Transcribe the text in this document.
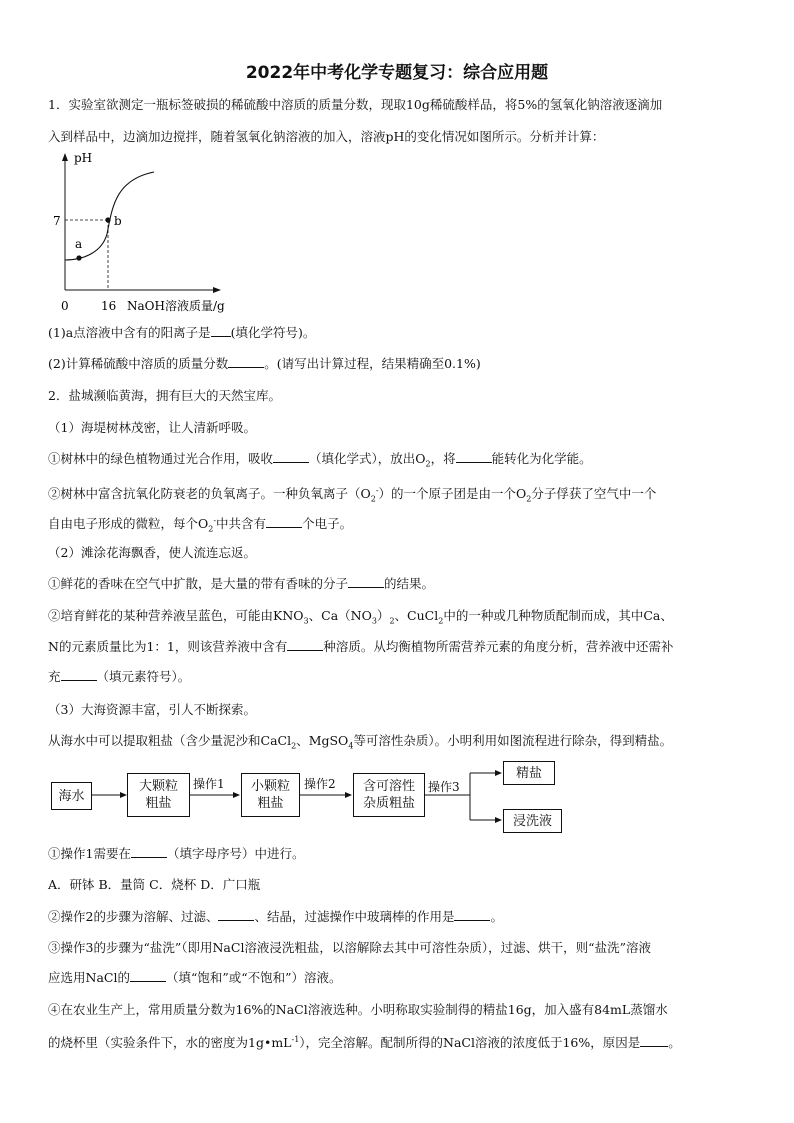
2022年中考化学专题复习：综合应用题
1．实验室欲测定一瓶标签破损的稀硫酸中溶质的质量分数，现取10g稀硫酸样品，将5%的氢氧化钠溶液逐滴加
入到样品中，边滴加边搅拌，随着氢氧化钠溶液的加入，溶液pH的变化情况如图所示。分析并计算：
pH
7
a
b
0	16 NaOH溶液质量/g
(1)a点溶液中含有的阳离子是 (填化学符号)。
(2)计算稀硫酸中溶质的质量分数	。(请写出计算过程，结果精确至0.1%)
2．盐城濒临黄海，拥有巨大的天然宝库。
（1）海堤树林茂密，让人清新呼吸。
①树林中的绿色植物通过光合作用，吸收	（填化学式），放出$O_2$，将	能转化为化学能。
②树林中富含抗氧化防衰老的负氧离子。一种负氧离子$(O_2^-)$的一个原子团是由一个$O_2$分子俘获了空气中一个
自由电子形成的微粒，每个$O_2^-$中共含有	个电子。
（2）滩涂花海飘香，使人流连忘返。
①鲜花的香味在空气中扩散，是大量的带有香味的分子	的结果。
②培育鲜花的某种营养液呈蓝色，可能由$KNO_3$、$Ca(NO_3)_2$、CuCl$_2$中的一种或几种物质配制而成，其中Ca、
N的元素质量比为1：1，则该营养液中含有	种溶质。从均衡植物所需营养元素的角度分析，营养液中还需补
充	（填元素符号）。
（3）大海资源丰富，引人不断探索。
从海水中可以提取粗盐（含少量泥沙和CaCl$_2$、MgSO$_4$等可溶性杂质）。小明利用如图流程进行除杂，得到精盐。
海水
大颗粒
粗盐
操作1 小颗粒
粗盐
操作2 含可溶性
杂质粗盐
操作3
精盐
浸洗液
①操作1需要在	（填字母序号）中进行。
A．研钵 B．量筒 C．烧杯 D．广口瓶
②操作2的步骤为溶解、过滤、	、结晶，过滤操作中玻璃棒的作用是	。
③操作3的步骤为“盐洗”（即用NaCl溶液浸洗粗盐，以溶解除去其中可溶性杂质），过滤、烘干，则“盐洗”溶液
应选用NaCl的	（填“饱和”或“不饱和”）溶液。
④在农业生产上，常用质量分数为16%的NaCl溶液选种。小明称取实验制得的精盐16g，加入盛有84mL蒸馏水
的烧杯里（实验条件下，水的密度为$1g•mL^{-1}$），完全溶解。配制所得的NaCl溶液的浓度低于16%，原因是 。
